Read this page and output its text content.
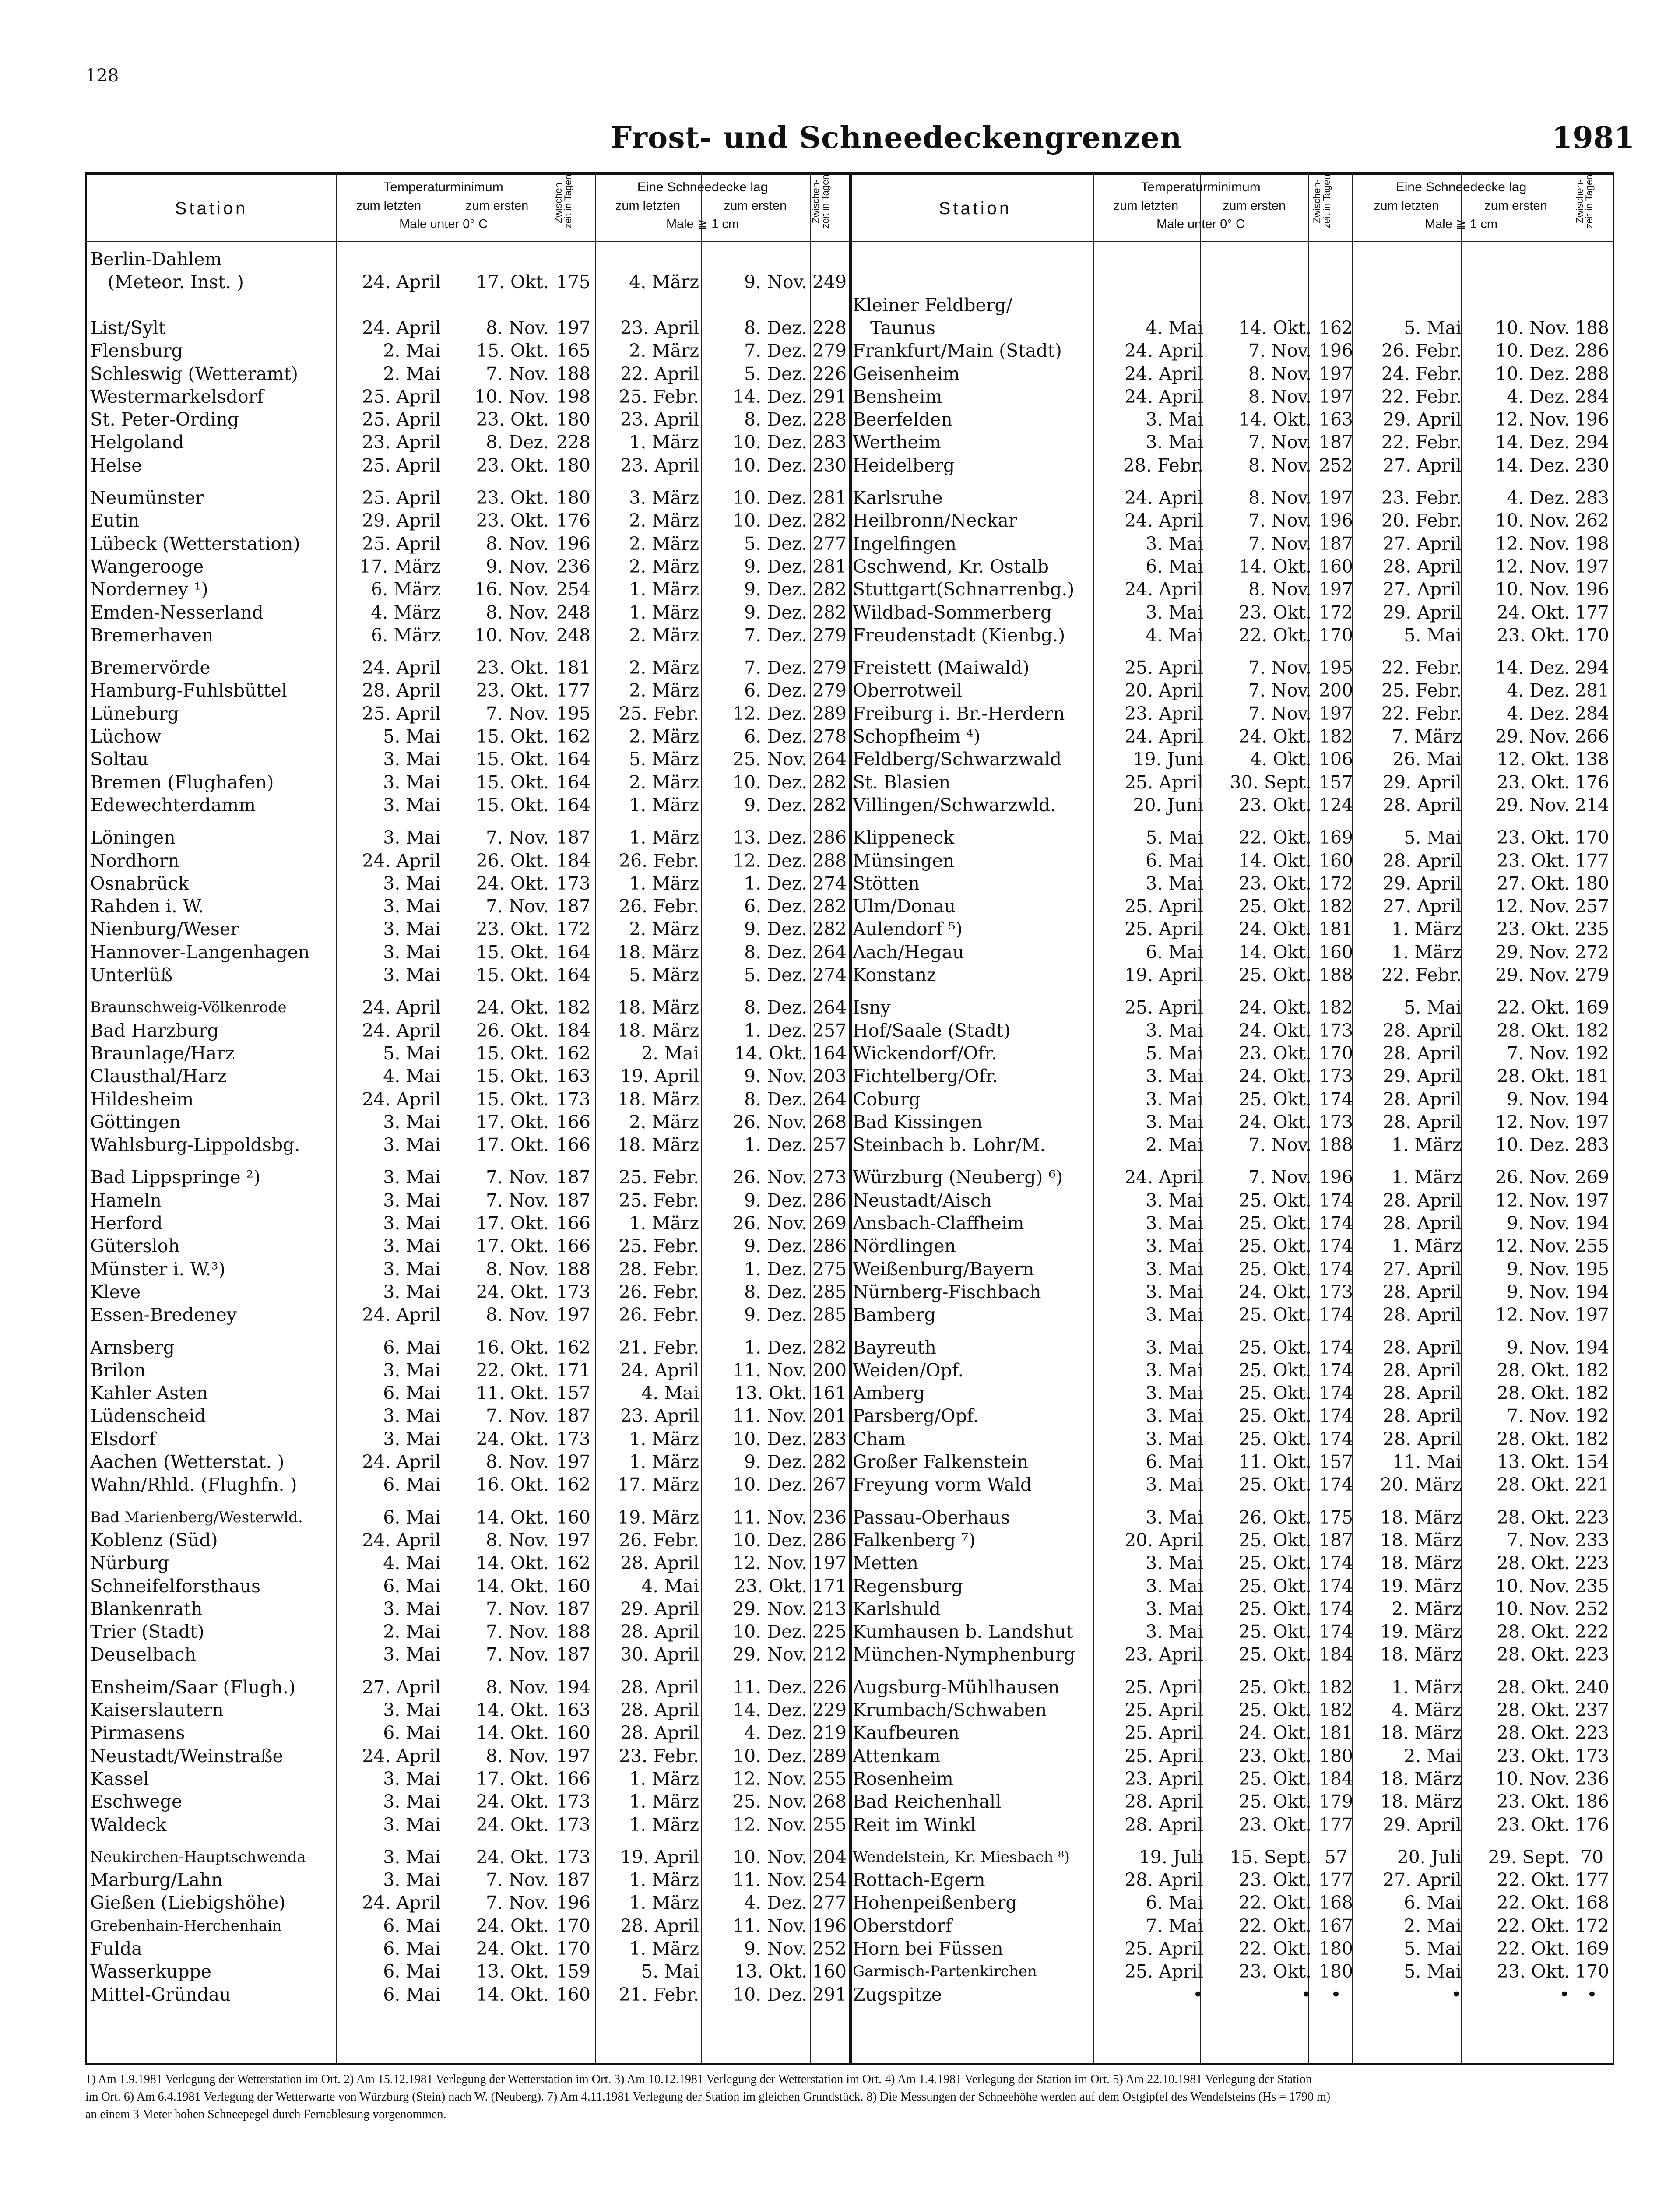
128
Frost- und Schneedeckengrenzen	1981
Station
Temperaturminimum
zum letzten	zum ersten
Male unter 0° C
Zwischen-zeit in Tagen	Eine Schneedecke lag
zum letzten	zum ersten
Male ≧ 1 cm
Zwischen-zeit in Tagen	Station
Temperaturminimum
zum letzten	zum ersten
Male unter 0° C
Zwischen-zeit in Tagen	Eine Schneedecke lag
zum letzten	zum ersten
Male ≧ 1 cm
Zwischen-zeit in Tagen
Berlin-Dahlem
(Meteor. Inst. )	24. April	17. Okt. 175	4. März	9. Nov. 249
List/Sylt	24. April	8. Nov. 197	23. April	8. Dez. 228
Flensburg	2. Mai	15. Okt. 165	2. März	7. Dez. 279
Schleswig (Wetteramt)	2. Mai	7. Nov. 188	22. April	5. Dez. 226
Westermarkelsdorf	25. April	10. Nov. 198	25. Febr.	14. Dez. 291
St. Peter-Ording	25. April	23. Okt. 180	23. April	8. Dez. 228
Helgoland	23. April	8. Dez. 228	1. März	10. Dez. 283
Helse	25. April	23. Okt. 180	23. April	10. Dez. 230
Neumünster	25. April	23. Okt. 180	3. März	10. Dez. 281
Eutin	29. April	23. Okt. 176	2. März	10. Dez. 282
Lübeck (Wetterstation)	25. April	8. Nov. 196	2. März	5. Dez. 277
Wangerooge	17. März	9. Nov. 236	2. März	9. Dez. 281
Norderney ¹)	6. März	16. Nov. 254	1. März	9. Dez. 282
Emden-Nesserland	4. März	8. Nov. 248	1. März	9. Dez. 282
Bremerhaven	6. März	10. Nov. 248	2. März	7. Dez. 279
Bremervörde	24. April	23. Okt. 181	2. März	7. Dez. 279
Hamburg-Fuhlsbüttel	28. April	23. Okt. 177	2. März	6. Dez. 279
Lüneburg	25. April	7. Nov. 195	25. Febr.	12. Dez. 289
Lüchow	5. Mai	15. Okt. 162	2. März	6. Dez. 278
Soltau	3. Mai	15. Okt. 164	5. März	25. Nov. 264
Bremen (Flughafen)	3. Mai	15. Okt. 164	2. März	10. Dez. 282
Edewechterdamm	3. Mai	15. Okt. 164	1. März	9. Dez. 282
Löningen	3. Mai	7. Nov. 187	1. März	13. Dez. 286
Nordhorn	24. April	26. Okt. 184	26. Febr.	12. Dez. 288
Osnabrück	3. Mai	24. Okt. 173	1. März	1. Dez. 274
Rahden i. W.	3. Mai	7. Nov. 187	26. Febr.	6. Dez. 282
Nienburg/Weser	3. Mai	23. Okt. 172	2. März	9. Dez. 282
Hannover-Langenhagen	3. Mai	15. Okt. 164	18. März	8. Dez. 264
Unterlüß	3. Mai	15. Okt. 164	5. März	5. Dez. 274
Braunschweig-Völkenrode	24. April	24. Okt. 182	18. März	8. Dez. 264
Bad Harzburg	24. April	26. Okt. 184	18. März	1. Dez. 257
Braunlage/Harz	5. Mai	15. Okt. 162	2. Mai	14. Okt. 164
Clausthal/Harz	4. Mai	15. Okt. 163	19. April	9. Nov. 203
Hildesheim	24. April	15. Okt. 173	18. März	8. Dez. 264
Göttingen	3. Mai	17. Okt. 166	2. März	26. Nov. 268
Wahlsburg-Lippoldsbg.	3. Mai	17. Okt. 166	18. März	1. Dez. 257
Bad Lippspringe ²)	3. Mai	7. Nov. 187	25. Febr.	26. Nov. 273
Hameln	3. Mai	7. Nov. 187	25. Febr.	9. Dez. 286
Herford	3. Mai	17. Okt. 166	1. März	26. Nov. 269
Gütersloh	3. Mai	17. Okt. 166	25. Febr.	9. Dez. 286
Münster i. W.³)	3. Mai	8. Nov. 188	28. Febr.	1. Dez. 275
Kleve	3. Mai	24. Okt. 173	26. Febr.	8. Dez. 285
Essen-Bredeney	24. April	8. Nov. 197	26. Febr.	9. Dez. 285
Arnsberg	6. Mai	16. Okt. 162	21. Febr.	1. Dez. 282
Brilon	3. Mai	22. Okt. 171	24. April	11. Nov. 200
Kahler Asten	6. Mai	11. Okt. 157	4. Mai	13. Okt. 161
Lüdenscheid	3. Mai	7. Nov. 187	23. April	11. Nov. 201
Elsdorf	3. Mai	24. Okt. 173	1. März	10. Dez. 283
Aachen (Wetterstat. )	24. April	8. Nov. 197	1. März	9. Dez. 282
Wahn/Rhld. (Flughfn. )	6. Mai	16. Okt. 162	17. März	10. Dez. 267
Bad Marienberg/Westerwld.	6. Mai	14. Okt. 160	19. März	11. Nov. 236
Koblenz (Süd)	24. April	8. Nov. 197	26. Febr.	10. Dez. 286
Nürburg	4. Mai	14. Okt. 162	28. April	12. Nov. 197
Schneifelforsthaus	6. Mai	14. Okt. 160	4. Mai	23. Okt. 171
Blankenrath	3. Mai	7. Nov. 187	29. April	29. Nov. 213
Trier (Stadt)	2. Mai	7. Nov. 188	28. April	10. Dez. 225
Deuselbach	3. Mai	7. Nov. 187	30. April	29. Nov. 212
Ensheim/Saar (Flugh.)	27. April	8. Nov. 194	28. April	11. Dez. 226
Kaiserslautern	3. Mai	14. Okt. 163	28. April	14. Dez. 229
Pirmasens	6. Mai	14. Okt. 160	28. April	4. Dez. 219
Neustadt/Weinstraße	24. April	8. Nov. 197	23. Febr.	10. Dez. 289
Kassel	3. Mai	17. Okt. 166	1. März	12. Nov. 255
Eschwege	3. Mai	24. Okt. 173	1. März	25. Nov. 268
Waldeck	3. Mai	24. Okt. 173	1. März	12. Nov. 255
Neukirchen-Hauptschwenda	3. Mai	24. Okt. 173	19. April	10. Nov. 204
Marburg/Lahn	3. Mai	7. Nov. 187	1. März	11. Nov. 254
Gießen (Liebigshöhe)	24. April	7. Nov. 196	1. März	4. Dez. 277
Grebenhain-Herchenhain	6. Mai	24. Okt. 170	28. April	11. Nov. 196
Fulda	6. Mai	24. Okt. 170	1. März	9. Nov. 252
Wasserkuppe	6. Mai	13. Okt. 159	5. Mai	13. Okt. 160
Mittel-Gründau	6. Mai	14. Okt. 160	21. Febr.	10. Dez. 291
Kleiner Feldberg/
Taunus	4. Mai	14. Okt. 162	5. Mai	10. Nov. 188
Frankfurt/Main (Stadt)	24. April	7. Nov. 196	26. Febr.	10. Dez. 286
Geisenheim	24. April	8. Nov. 197	24. Febr.	10. Dez. 288
Bensheim	24. April	8. Nov. 197	22. Febr.	4. Dez. 284
Beerfelden	3. Mai	14. Okt. 163	29. April	12. Nov. 196
Wertheim	3. Mai	7. Nov. 187	22. Febr.	14. Dez. 294
Heidelberg	28. Febr.	8. Nov. 252	27. April	14. Dez. 230
Karlsruhe	24. April	8. Nov. 197	23. Febr.	4. Dez. 283
Heilbronn/Neckar	24. April	7. Nov. 196	20. Febr.	10. Nov. 262
Ingelfingen	3. Mai	7. Nov. 187	27. April	12. Nov. 198
Gschwend, Kr. Ostalb	6. Mai	14. Okt. 160	28. April	12. Nov. 197
Stuttgart(Schnarrenbg.)	24. April	8. Nov. 197	27. April	10. Nov. 196
Wildbad-Sommerberg	3. Mai	23. Okt. 172	29. April	24. Okt. 177
Freudenstadt (Kienbg.)	4. Mai	22. Okt. 170	5. Mai	23. Okt. 170
Freistett (Maiwald)	25. April	7. Nov. 195	22. Febr.	14. Dez. 294
Oberrotweil	20. April	7. Nov. 200	25. Febr.	4. Dez. 281
Freiburg i. Br.-Herdern	23. April	7. Nov. 197	22. Febr.	4. Dez. 284
Schopfheim ⁴)	24. April	24. Okt. 182	7. März	29. Nov. 266
Feldberg/Schwarzwald	19. Juni	4. Okt. 106	26. Mai	12. Okt. 138
St. Blasien	25. April	30. Sept. 157	29. April	23. Okt. 176
Villingen/Schwarzwld.	20. Juni	23. Okt. 124	28. April	29. Nov. 214
Klippeneck	5. Mai	22. Okt. 169	5. Mai	23. Okt. 170
Münsingen	6. Mai	14. Okt. 160	28. April	23. Okt. 177
Stötten	3. Mai	23. Okt. 172	29. April	27. Okt. 180
Ulm/Donau	25. April	25. Okt. 182	27. April	12. Nov. 257
Aulendorf ⁵)	25. April	24. Okt. 181	1. März	23. Okt. 235
Aach/Hegau	6. Mai	14. Okt. 160	1. März	29. Nov. 272
Konstanz	19. April	25. Okt. 188	22. Febr.	29. Nov. 279
Isny	25. April	24. Okt. 182	5. Mai	22. Okt. 169
Hof/Saale (Stadt)	3. Mai	24. Okt. 173	28. April	28. Okt. 182
Wickendorf/Ofr.	5. Mai	23. Okt. 170	28. April	7. Nov. 192
Fichtelberg/Ofr.	3. Mai	24. Okt. 173	29. April	28. Okt. 181
Coburg	3. Mai	25. Okt. 174	28. April	9. Nov. 194
Bad Kissingen	3. Mai	24. Okt. 173	28. April	12. Nov. 197
Steinbach b. Lohr/M.	2. Mai	7. Nov. 188	1. März	10. Dez. 283
Würzburg (Neuberg) ⁶)	24. April	7. Nov. 196	1. März	26. Nov. 269
Neustadt/Aisch	3. Mai	25. Okt. 174	28. April	12. Nov. 197
Ansbach-Claffheim	3. Mai	25. Okt. 174	28. April	9. Nov. 194
Nördlingen	3. Mai	25. Okt. 174	1. März	12. Nov. 255
Weißenburg/Bayern	3. Mai	25. Okt. 174	27. April	9. Nov. 195
Nürnberg-Fischbach	3. Mai	24. Okt. 173	28. April	9. Nov. 194
Bamberg	3. Mai	25. Okt. 174	28. April	12. Nov. 197
Bayreuth	3. Mai	25. Okt. 174	28. April	9. Nov. 194
Weiden/Opf.	3. Mai	25. Okt. 174	28. April	28. Okt. 182
Amberg	3. Mai	25. Okt. 174	28. April	28. Okt. 182
Parsberg/Opf.	3. Mai	25. Okt. 174	28. April	7. Nov. 192
Cham	3. Mai	25. Okt. 174	28. April	28. Okt. 182
Großer Falkenstein	6. Mai	11. Okt. 157	11. Mai	13. Okt. 154
Freyung vorm Wald	3. Mai	25. Okt. 174	20. März	28. Okt. 221
Passau-Oberhaus	3. Mai	26. Okt. 175	18. März	28. Okt. 223
Falkenberg ⁷)	20. April	25. Okt. 187	18. März	7. Nov. 233
Metten	3. Mai	25. Okt. 174	18. März	28. Okt. 223
Regensburg	3. Mai	25. Okt. 174	19. März	10. Nov. 235
Karlshuld	3. Mai	25. Okt. 174	2. März	10. Nov. 252
Kumhausen b. Landshut	3. Mai	25. Okt. 174	19. März	28. Okt. 222
München-Nymphenburg	23. April	25. Okt. 184	18. März	28. Okt. 223
Augsburg-Mühlhausen	25. April	25. Okt. 182	1. März	28. Okt. 240
Krumbach/Schwaben	25. April	25. Okt. 182	4. März	28. Okt. 237
Kaufbeuren	25. April	24. Okt. 181	18. März	28. Okt. 223
Attenkam	25. April	23. Okt. 180	2. Mai	23. Okt. 173
Rosenheim	23. April	25. Okt. 184	18. März	10. Nov. 236
Bad Reichenhall	28. April	25. Okt. 179	18. März	23. Okt. 186
Reit im Winkl	28. April	23. Okt. 177	29. April	23. Okt. 176
Wendelstein, Kr. Miesbach ⁸)	19. Juli	15. Sept. 57	20. Juli	29. Sept. 70
Rottach-Egern	28. April	23. Okt. 177	27. April	22. Okt. 177
Hohenpeißenberg	6. Mai	22. Okt. 168	6. Mai	22. Okt. 168
Oberstdorf	7. Mai	22. Okt. 167	2. Mai	22. Okt. 172
Horn bei Füssen	25. April	22. Okt. 180	5. Mai	22. Okt. 169
Garmisch-Partenkirchen	25. April	23. Okt. 180	5. Mai	23. Okt. 170
Zugspitze	•	•	•	•	• •
1) Am 1.9.1981 Verlegung der Wetterstation im Ort. 2) Am 15.12.1981 Verlegung der Wetterstation im Ort. 3) Am 10.12.1981 Verlegung der Wetterstation im Ort. 4) Am 1.4.1981 Verlegung der Station im Ort. 5) Am 22.10.1981 Verlegung der Station
im Ort. 6) Am 6.4.1981 Verlegung der Wetterwarte von Würzburg (Stein) nach W. (Neuberg). 7) Am 4.11.1981 Verlegung der Station im gleichen Grundstück. 8) Die Messungen der Schneehöhe werden auf dem Ostgipfel des Wendelsteins (Hs = 1790 m)
an einem 3 Meter hohen Schneepegel durch Fernablesung vorgenommen.
